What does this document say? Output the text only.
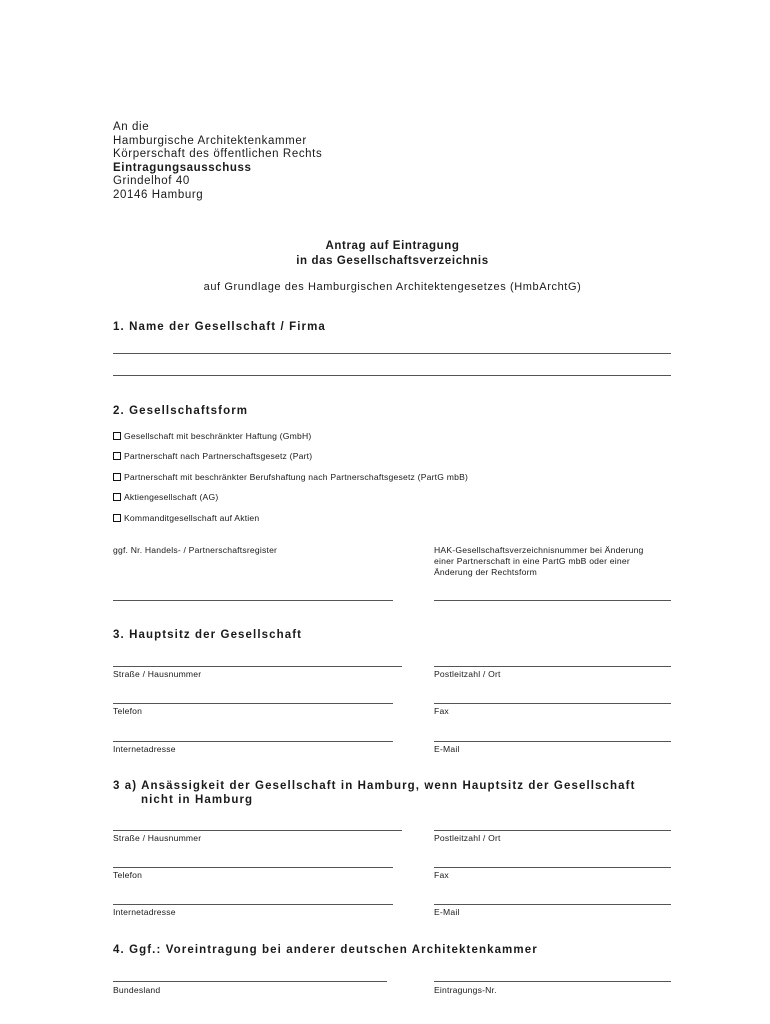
An die
Hamburgische Architektenkammer
Körperschaft des öffentlichen Rechts
Eintragungsausschuss
Grindelhof 40
20146 Hamburg
Antrag auf Eintragung
in das Gesellschaftsverzeichnis
auf Grundlage des Hamburgischen Architektengesetzes (HmbArchtG)
1. Name der Gesellschaft / Firma
2. Gesellschaftsform
Gesellschaft mit beschränkter Haftung (GmbH)
Partnerschaft nach Partnerschaftsgesetz (Part)
Partnerschaft mit beschränkter Berufshaftung nach Partnerschaftsgesetz (PartG mbB)
Aktiengesellschaft (AG)
Kommanditgesellschaft auf Aktien
ggf. Nr. Handels- / Partnerschaftsregister	HAK-Gesellschaftsverzeichnisnummer bei Änderung
einer Partnerschaft in eine PartG mbB oder einer
Änderung der Rechtsform
3. Hauptsitz der Gesellschaft
Straße / Hausnummer	Postleitzahl / Ort
Telefon	Fax
Internetadresse	E-Mail
3 a) Ansässigkeit der Gesellschaft in Hamburg, wenn Hauptsitz der Gesellschaft
nicht in Hamburg
Straße / Hausnummer	Postleitzahl / Ort
Telefon	Fax
Internetadresse	E-Mail
4. Ggf.: Voreintragung bei anderer deutschen Architektenkammer
Bundesland	Eintragungs-Nr.
